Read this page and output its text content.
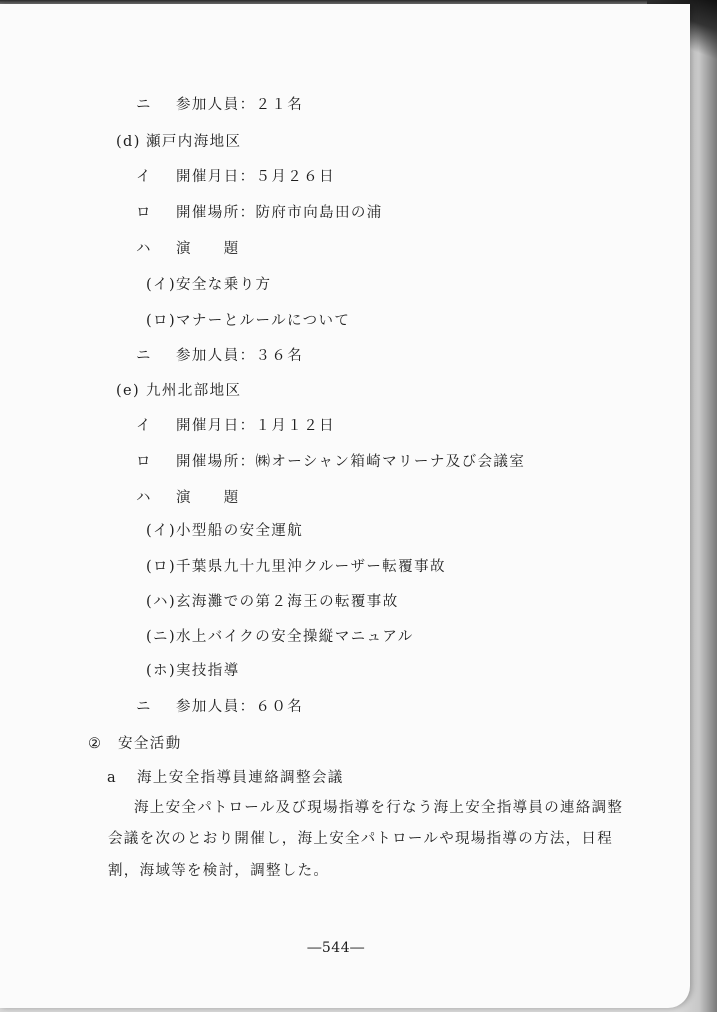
ニ 参加人員：２１名
(d) 瀬戸内海地区
イ 開催月日：５月２６日
ロ 開催場所：防府市向島田の浦
ハ 演　　題
(イ)安全な乗り方
(ロ)マナーとルールについて
ニ 参加人員：３６名
(e) 九州北部地区
イ 開催月日：１月１２日
ロ 開催場所：㈱オーシャン箱崎マリーナ及び会議室
ハ 演　　題
(イ)小型船の安全運航
(ロ)千葉県九十九里沖クルーザー転覆事故
(ハ)玄海灘での第２海王の転覆事故
(ニ)水上バイクの安全操縦マニュアル
(ホ)実技指導
ニ 参加人員：６０名
② 安全活動
a 海上安全指導員連絡調整会議
海上安全パトロール及び現場指導を行なう海上安全指導員の連絡調整
会議を次のとおり開催し，海上安全パトロールや現場指導の方法，日程
割，海域等を検討，調整した。
―544―
